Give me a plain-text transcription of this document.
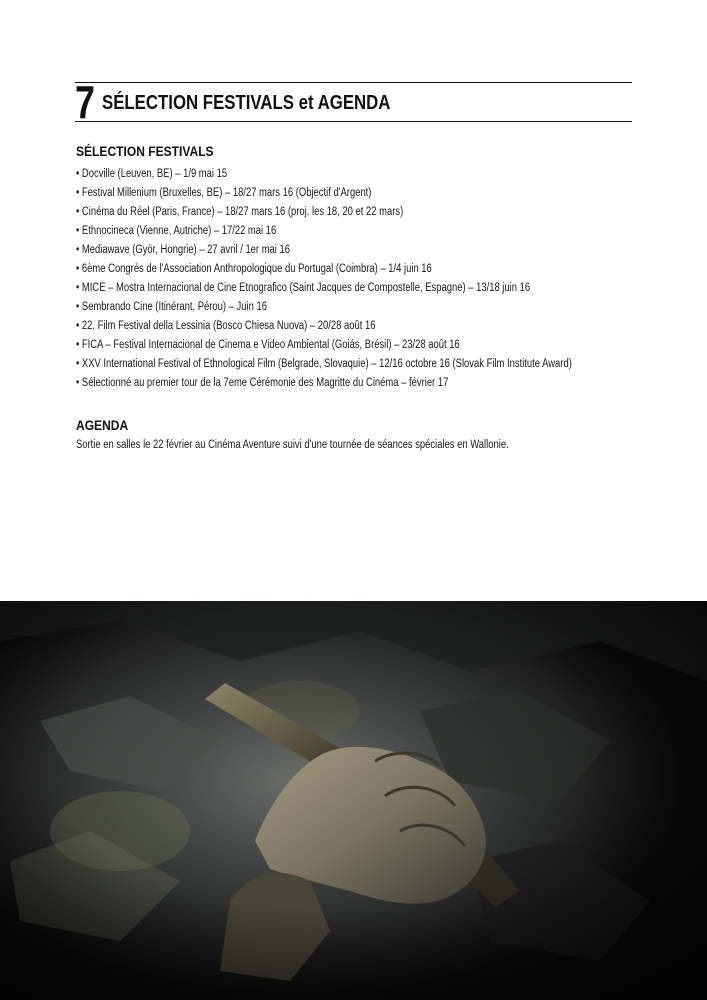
7 SÉLECTION FESTIVALS et AGENDA
SÉLECTION FESTIVALS
• Docville (Leuven, BE) – 1/9 mai 15
• Festival Millenium (Bruxelles, BE) – 18/27 mars 16 (Objectif d'Argent)
• Cinéma du Réel (Paris, France) – 18/27 mars 16 (proj. les 18, 20 et 22 mars)
• Ethnocineca (Vienne, Autriche) – 17/22 mai 16
• Mediawave (Györ, Hongrie) – 27 avril / 1er mai 16
• 6ème Congrès de l'Association Anthropologique du Portugal (Coimbra) – 1/4 juin 16
• MICE – Mostra Internacional de Cine Etnografico (Saint Jacques de Compostelle, Espagne) – 13/18 juin 16
• Sembrando Cine (Itinérant, Pérou) – Juin 16
• 22. Film Festival della Lessinia (Bosco Chiesa Nuova) – 20/28 août 16
• FICA – Festival Internacional de Cinema e Video Ambiental (Goiás, Brésil) – 23/28 août 16
• XXV International Festival of Ethnological Film (Belgrade, Slovaquie) – 12/16 octobre 16 (Slovak Film Institute Award)
• Sélectionné au premier tour de la 7eme Cérémonie des Magritte du Cinéma – février 17
AGENDA
Sortie en salles le 22 février au Cinéma Aventure suivi d'une tournée de séances spéciales en Wallonie.
